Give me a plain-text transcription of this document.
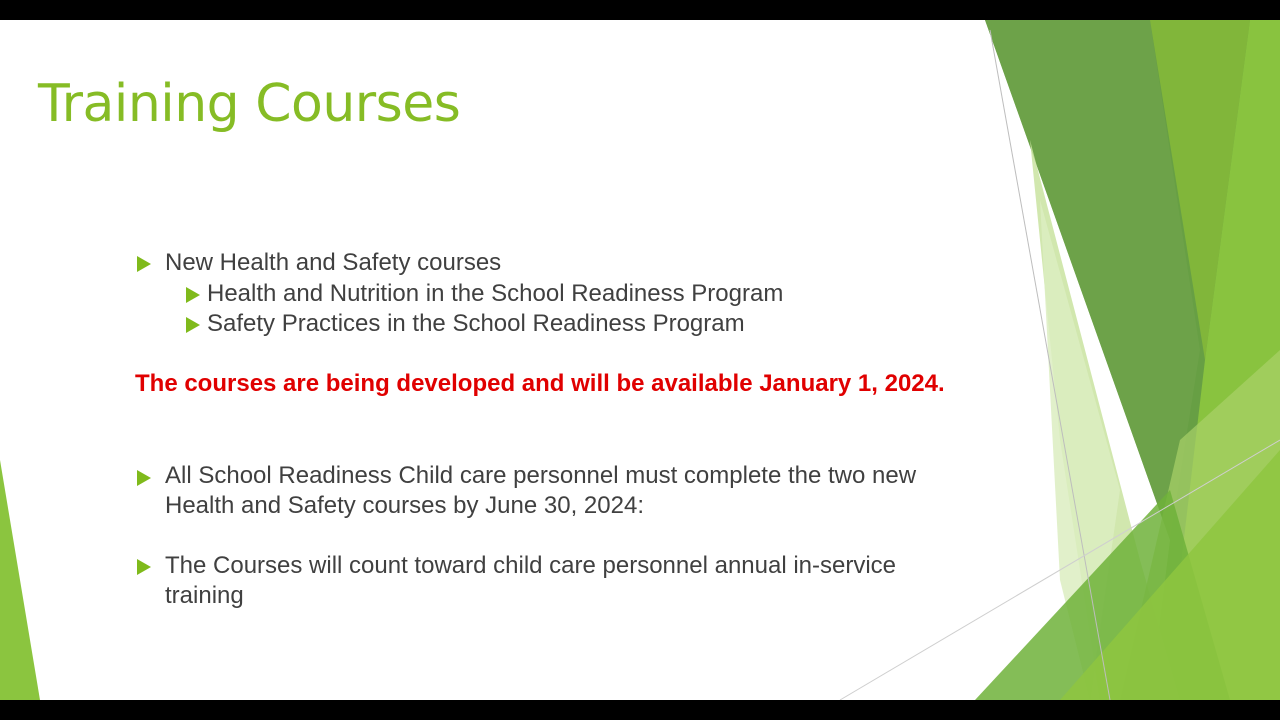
Training Courses
New Health and Safety courses
Health and Nutrition in the School Readiness Program
Safety Practices in the School Readiness Program
The courses are being developed and will be available January 1, 2024.
All School Readiness Child care personnel must complete the two new Health and Safety courses by June 30, 2024:
The Courses will count toward child care personnel annual in-service training
